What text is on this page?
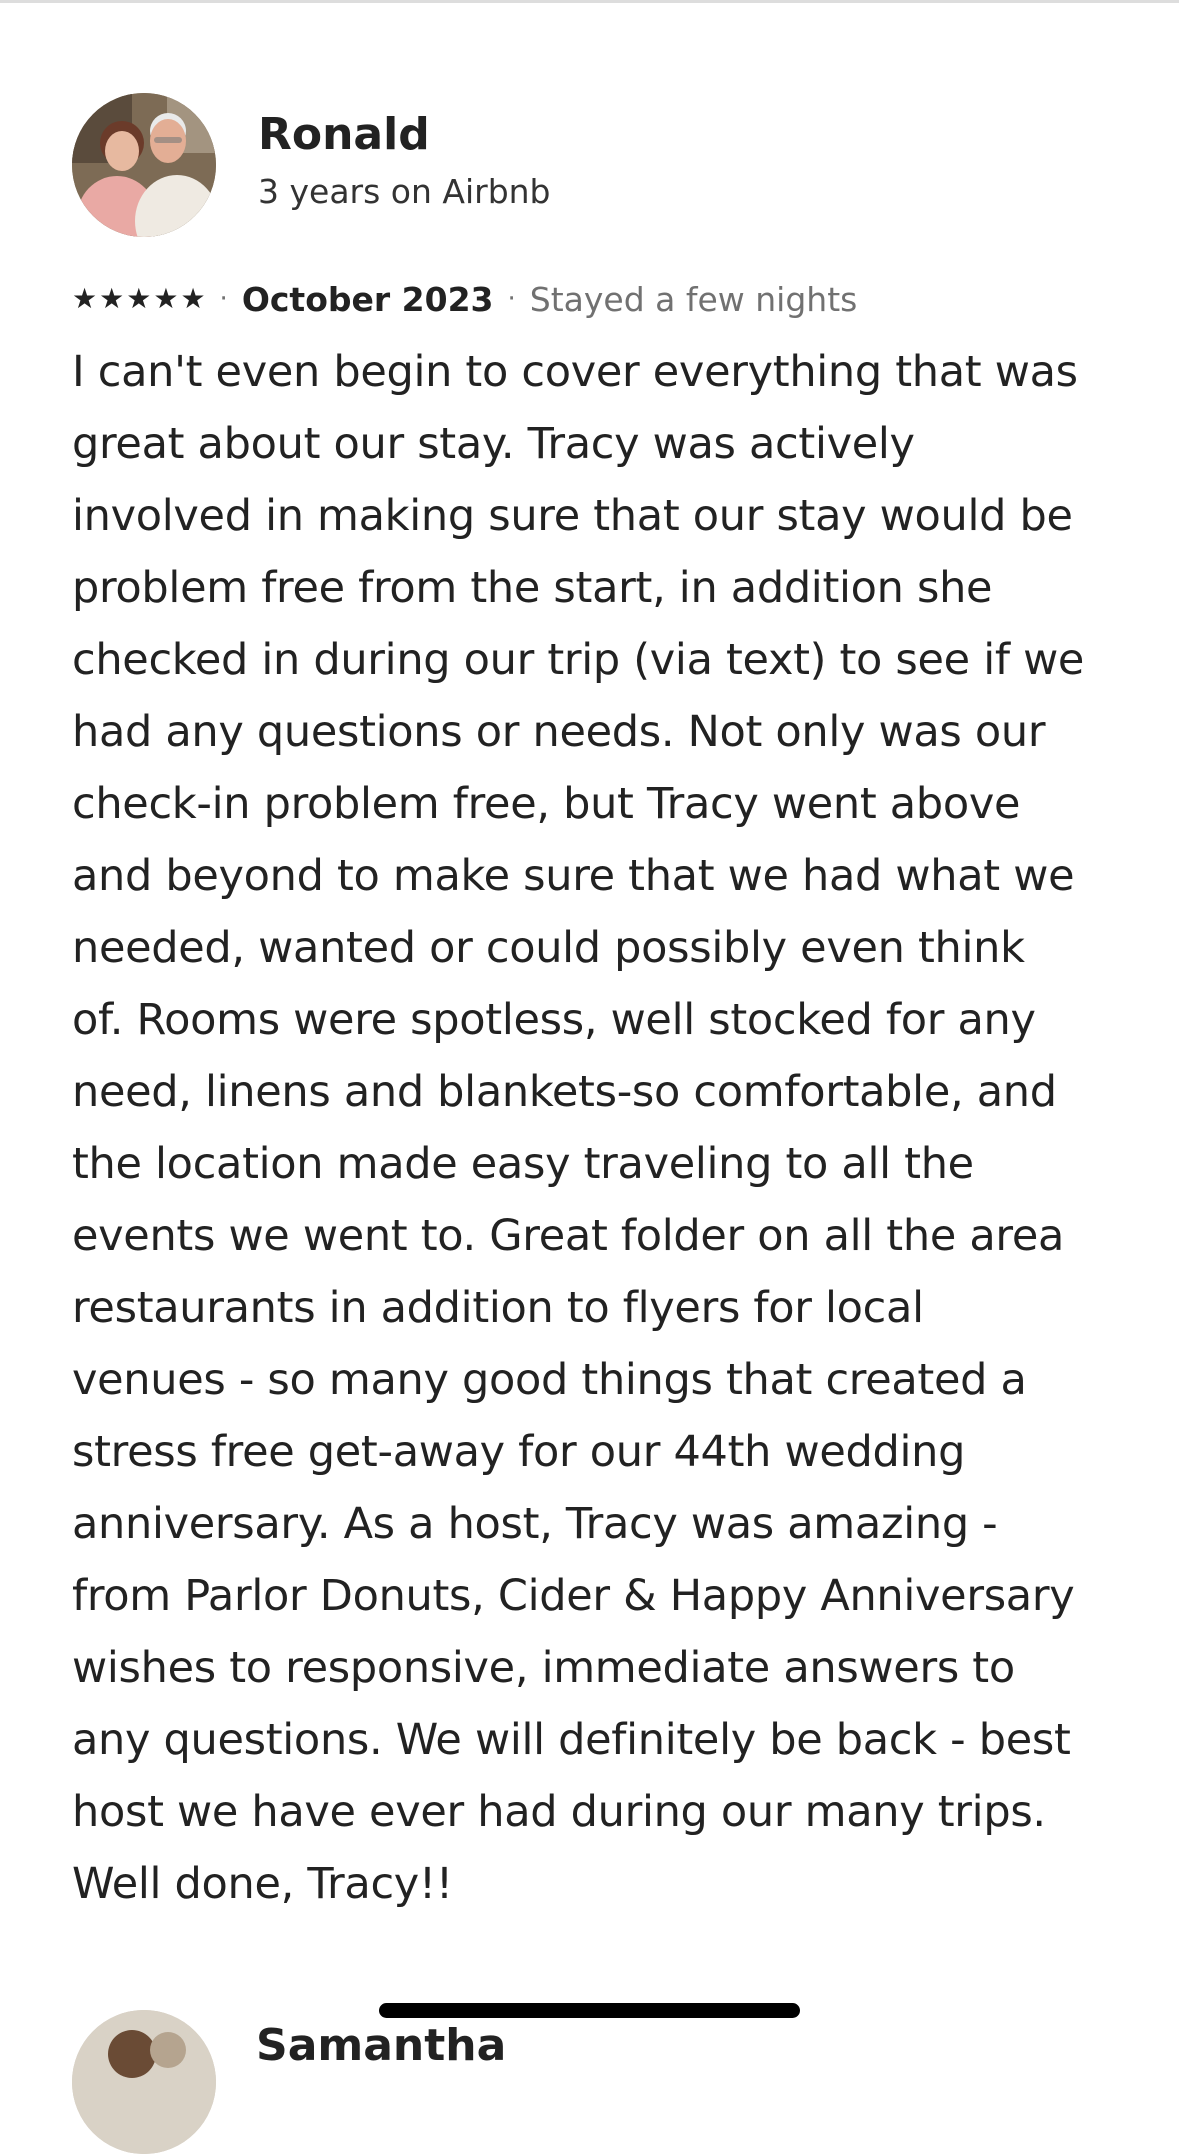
Ronald
3 years on Airbnb
★ ★ ★ ★ ★ · October 2023 · Stayed a few nights
I can't even begin to cover everything that was
great about our stay. Tracy was actively
involved in making sure that our stay would be
problem free from the start, in addition she
checked in during our trip (via text) to see if we
had any questions or needs. Not only was our
check-in problem free, but Tracy went above
and beyond to make sure that we had what we
needed, wanted or could possibly even think
of. Rooms were spotless, well stocked for any
need, linens and blankets-so comfortable, and
the location made easy traveling to all the
events we went to. Great folder on all the area
restaurants in addition to flyers for local
venues - so many good things that created a
stress free get-away for our 44th wedding
anniversary. As a host, Tracy was amazing -
from Parlor Donuts, Cider & Happy Anniversary
wishes to responsive, immediate answers to
any questions. We will definitely be back - best
host we have ever had during our many trips.
Well done, Tracy!!
Samantha
